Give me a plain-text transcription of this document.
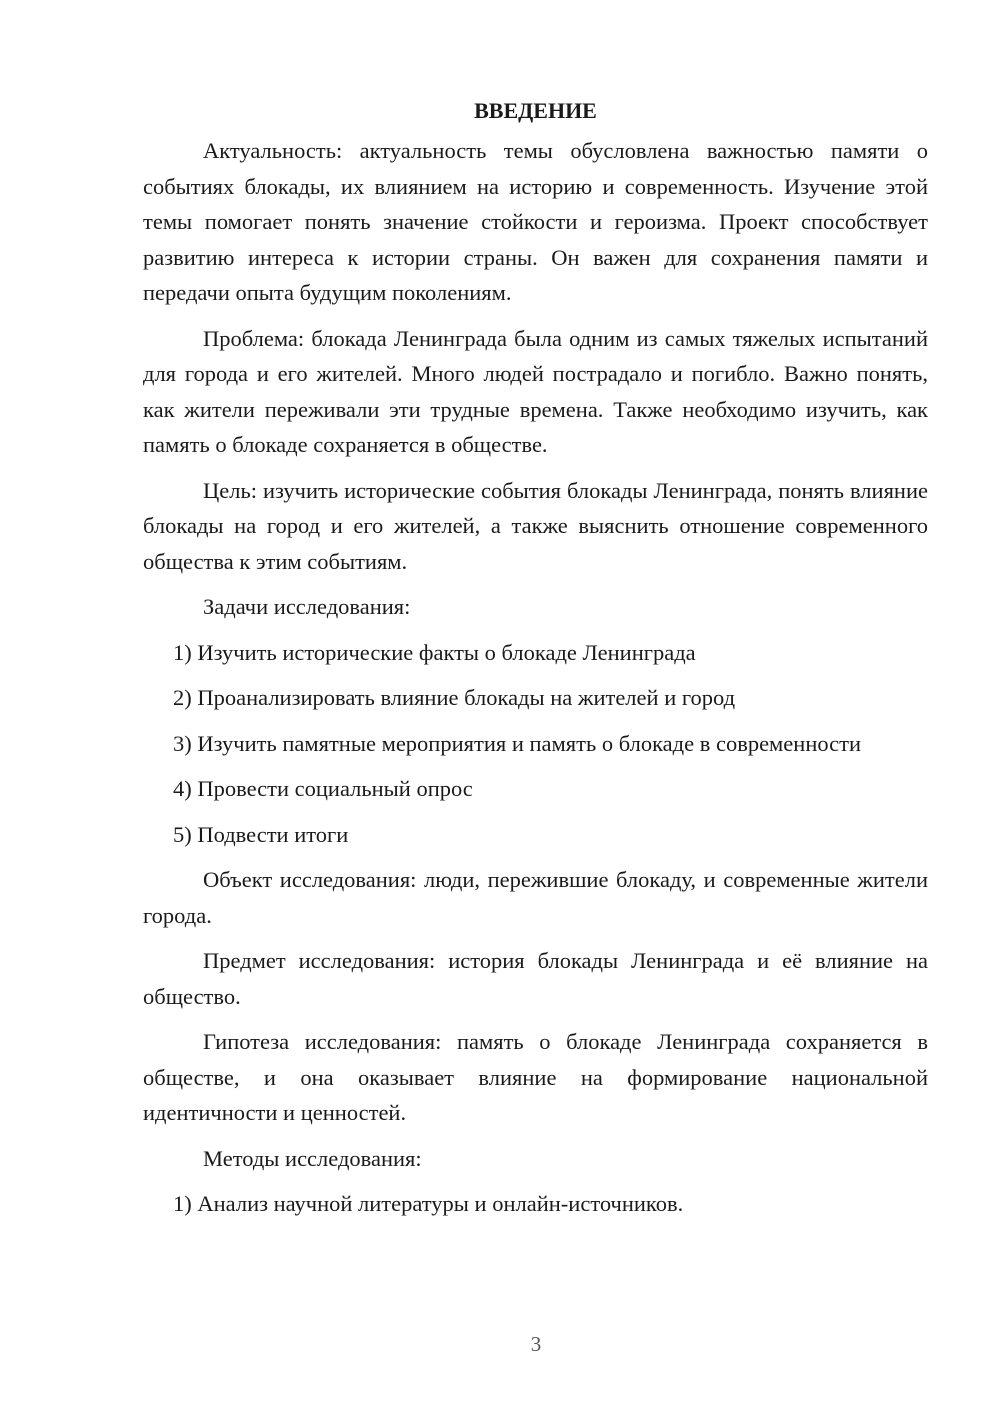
ВВЕДЕНИЕ

Актуальность: актуальность темы обусловлена важностью памяти о событиях блокады, их влиянием на историю и современность. Изучение этой темы помогает понять значение стойкости и героизма. Проект способствует развитию интереса к истории страны. Он важен для сохранения памяти и передачи опыта будущим поколениям.

Проблема: блокада Ленинграда была одним из самых тяжелых испытаний для города и его жителей. Много людей пострадало и погибло. Важно понять, как жители переживали эти трудные времена. Также необходимо изучить, как память о блокаде сохраняется в обществе.

Цель: изучить исторические события блокады Ленинграда, понять влияние блокады на город и его жителей, а также выяснить отношение современного общества к этим событиям.

Задачи исследования:

1) Изучить исторические факты о блокаде Ленинграда

2) Проанализировать влияние блокады на жителей и город

3) Изучить памятные мероприятия и память о блокаде в современности

4) Провести социальный опрос

5) Подвести итоги

Объект исследования: люди, пережившие блокаду, и современные жители города.

Предмет исследования: история блокады Ленинграда и её влияние на общество.

Гипотеза исследования: память о блокаде Ленинграда сохраняется в обществе, и она оказывает влияние на формирование национальной идентичности и ценностей.

Методы исследования:

1) Анализ научной литературы и онлайн-источников.

3
